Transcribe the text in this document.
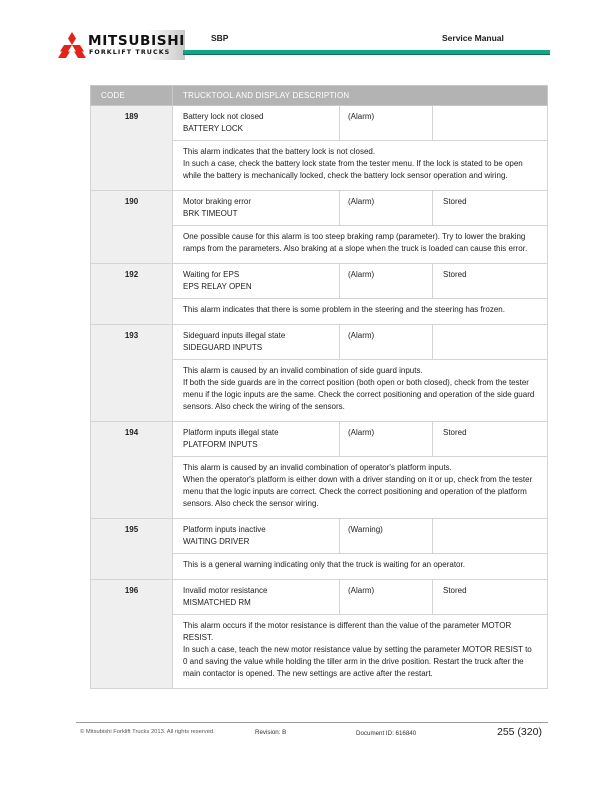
MITSUBISHI
FORKLIFT TRUCKS
SBP	Service Manual
CODE	TRUCKTOOL AND DISPLAY DESCRIPTION		
189	Battery lock not closed
BATTERY LOCK	(Alarm)	

	This alarm indicates that the battery lock is not closed.
In such a case, check the battery lock state from the tester menu. If the lock is stated to be open while the battery is mechanically locked, check the battery lock sensor operation and wiring.		

190	Motor braking error
BRK TIMEOUT	(Alarm)	Stored

	One possible cause for this alarm is too steep braking ramp (parameter). Try to lower the braking ramps from the parameters. Also braking at a slope when the truck is loaded can cause this error.		

192	Waiting for EPS
EPS RELAY OPEN	(Alarm)	Stored

	This alarm indicates that there is some problem in the steering and the steering has frozen.		

193	Sideguard inputs illegal state
SIDEGUARD INPUTS	(Alarm)	

	This alarm is caused by an invalid combination of side guard inputs.
If both the side guards are in the correct position (both open or both closed), check from the tester menu if the logic inputs are the same. Check the correct positioning and operation of the side guard sensors. Also check the wiring of the sensors.		

194	Platform inputs illegal state
PLATFORM INPUTS	(Alarm)	Stored

	This alarm is caused by an invalid combination of operator's platform inputs.
When the operator's platform is either down with a driver standing on it or up, check from the tester menu that the logic inputs are correct. Check the correct positioning and operation of the platform sensors. Also check the sensor wiring.		

195	Platform inputs inactive
WAITING DRIVER	(Warning)	

	This is a general warning indicating only that the truck is waiting for an operator.		

196	Invalid motor resistance
MISMATCHED RM	(Alarm)	Stored

	This alarm occurs if the motor resistance is different than the value of the parameter MOTOR RESIST.
In such a case, teach the new motor resistance value by setting the parameter MOTOR RESIST to 0 and saving the value while holding the tiller arm in the drive position. Restart the truck after the main contactor is opened. The new settings are active after the restart.		
© Mitsubishi Forklift Trucks 2013. All rights reserved.	Revision: B	Document ID: 616840	255 (320)
